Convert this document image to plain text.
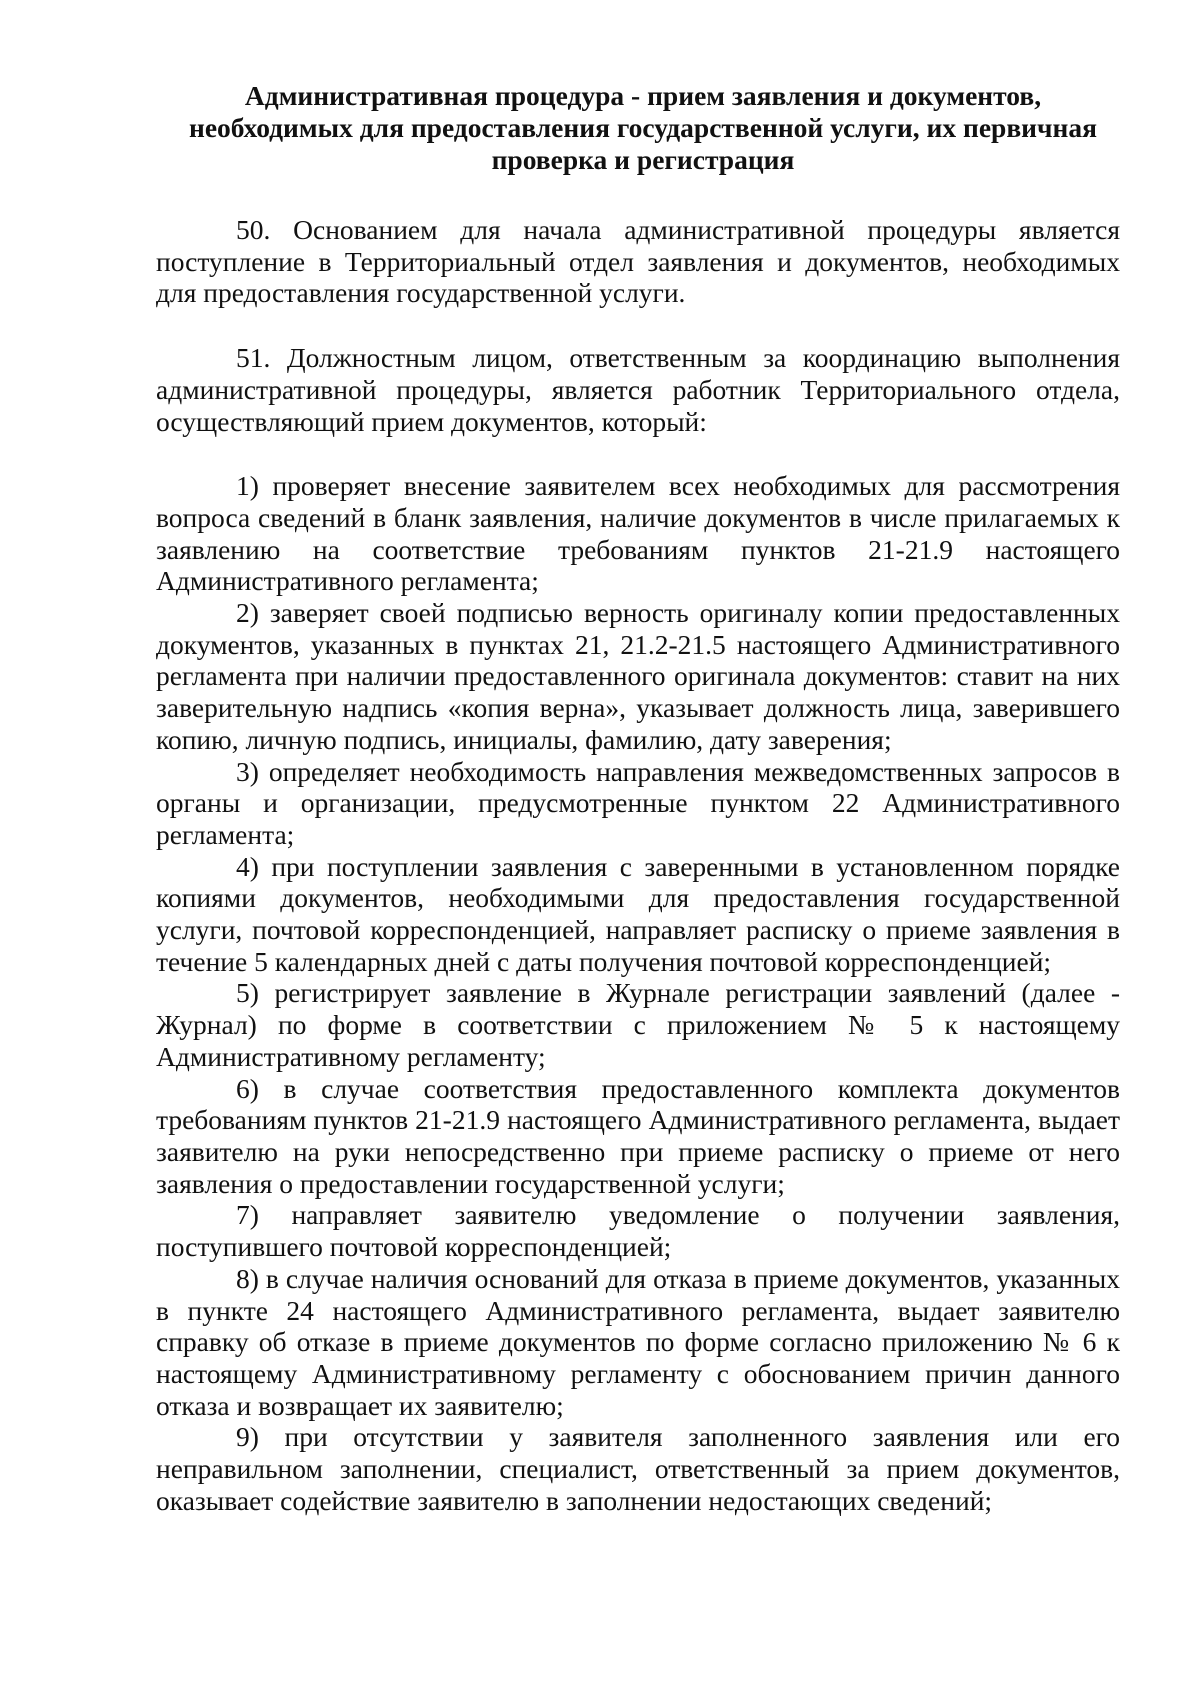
Административная процедура - прием заявления и документов,
необходимых для предоставления государственной услуги, их первичная
проверка и регистрация

50. Основанием для начала административной процедуры является поступление в Территориальный отдел заявления и документов, необходимых для предоставления государственной услуги.

51. Должностным лицом, ответственным за координацию выполнения административной процедуры, является работник Территориального отдела, осуществляющий прием документов, который:

1) проверяет внесение заявителем всех необходимых для рассмотрения вопроса сведений в бланк заявления, наличие документов в числе прилагаемых к заявлению на соответствие требованиям пунктов 21-21.9 настоящего Административного регламента;

2) заверяет своей подписью верность оригиналу копии предоставленных документов, указанных в пунктах 21, 21.2-21.5 настоящего Административного регламента при наличии предоставленного оригинала документов: ставит на них заверительную надпись «копия верна», указывает должность лица, заверившего копию, личную подпись, инициалы, фамилию, дату заверения;

3) определяет необходимость направления межведомственных запросов в органы и организации, предусмотренные пунктом 22 Административного регламента;

4) при поступлении заявления с заверенными в установленном порядке копиями документов, необходимыми для предоставления государственной услуги, почтовой корреспонденцией, направляет расписку о приеме заявления в течение 5 календарных дней с даты получения почтовой корреспонденцией;

5) регистрирует заявление в Журнале регистрации заявлений (далее - Журнал) по форме в соответствии с приложением № 5 к настоящему Административному регламенту;

6) в случае соответствия предоставленного комплекта документов требованиям пунктов 21-21.9 настоящего Административного регламента, выдает заявителю на руки непосредственно при приеме расписку о приеме от него заявления о предоставлении государственной услуги;

7) направляет заявителю уведомление о получении заявления, поступившего почтовой корреспонденцией;

8) в случае наличия оснований для отказа в приеме документов, указанных в пункте 24 настоящего Административного регламента, выдает заявителю справку об отказе в приеме документов по форме согласно приложению № 6 к настоящему Административному регламенту с обоснованием причин данного отказа и возвращает их заявителю;

9) при отсутствии у заявителя заполненного заявления или его неправильном заполнении, специалист, ответственный за прием документов, оказывает содействие заявителю в заполнении недостающих сведений;
